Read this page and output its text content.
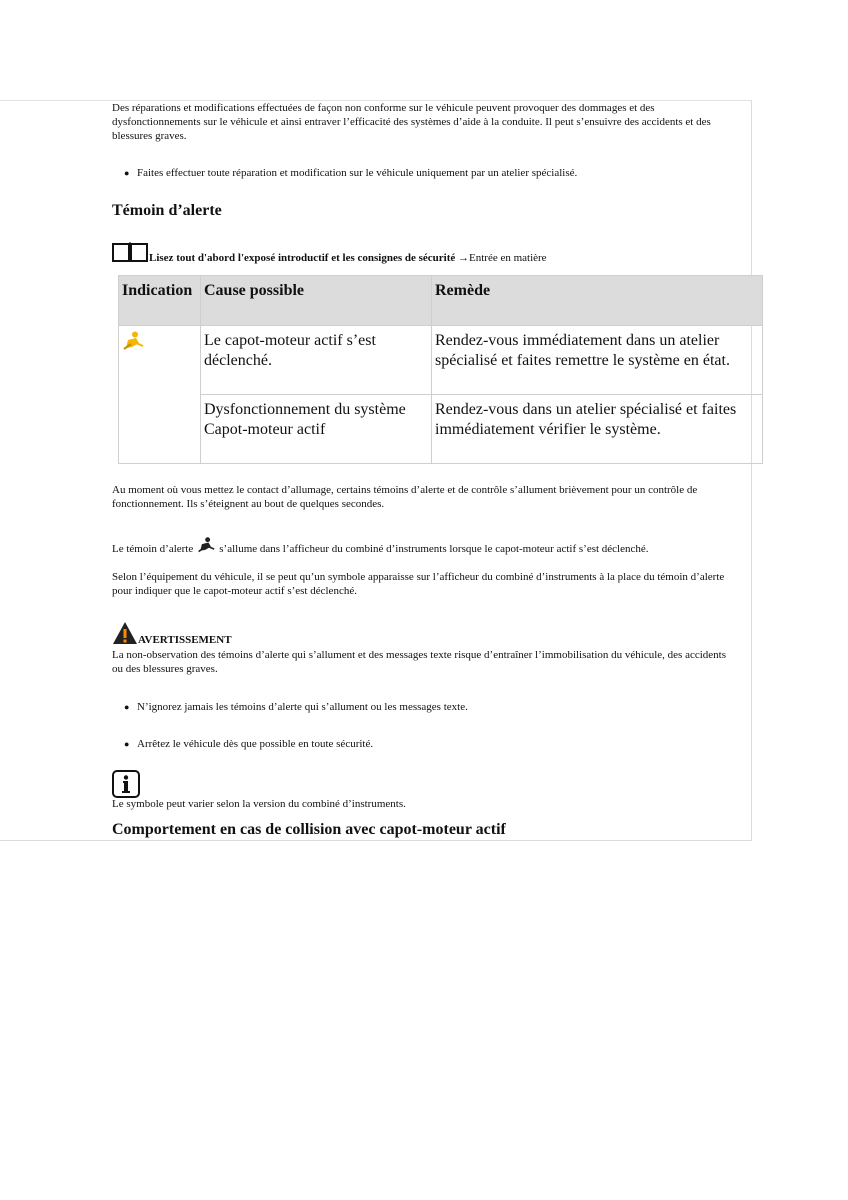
Des réparations et modifications effectuées de façon non conforme sur le véhicule peuvent provoquer des dommages et des dysfonctionnements sur le véhicule et ainsi entraver l’efficacité des systèmes d’aide à la conduite. Il peut s’ensuivre des accidents et des blessures graves.

● Faites effectuer toute réparation et modification sur le véhicule uniquement par un atelier spécialisé.
Témoin d’alerte
Lisez tout d'abord l'exposé introductif et les consignes de sécurité →Entrée en matière
Indication	Cause possible	Remède
	Le capot-moteur actif s’est déclenché.	Rendez-vous immédiatement dans un atelier spécialisé et faites remettre le système en état.
	Dysfonctionnement du système Capot-moteur actif	Rendez-vous dans un atelier spécialisé et faites immédiatement vérifier le système.

Au moment où vous mettez le contact d’allumage, certains témoins d’alerte et de contrôle s’allument brièvement pour un contrôle de fonctionnement. Ils s’éteignent au bout de quelques secondes.

Le témoin d’alerte s’allume dans l’afficheur du combiné d’instruments lorsque le capot-moteur actif s’est déclenché.

Selon l’équipement du véhicule, il se peut qu’un symbole apparaisse sur l’afficheur du combiné d’instruments à la place du témoin d’alerte pour indiquer que le capot-moteur actif s’est déclenché.

AVERTISSEMENT

La non-observation des témoins d’alerte qui s’allument et des messages texte risque d’entraîner l’immobilisation du véhicule, des accidents ou des blessures graves.

● N’ignorez jamais les témoins d’alerte qui s’allument ou les messages texte.
● Arrêtez le véhicule dès que possible en toute sécurité.

Le symbole peut varier selon la version du combiné d’instruments.

Comportement en cas de collision avec capot-moteur actif
